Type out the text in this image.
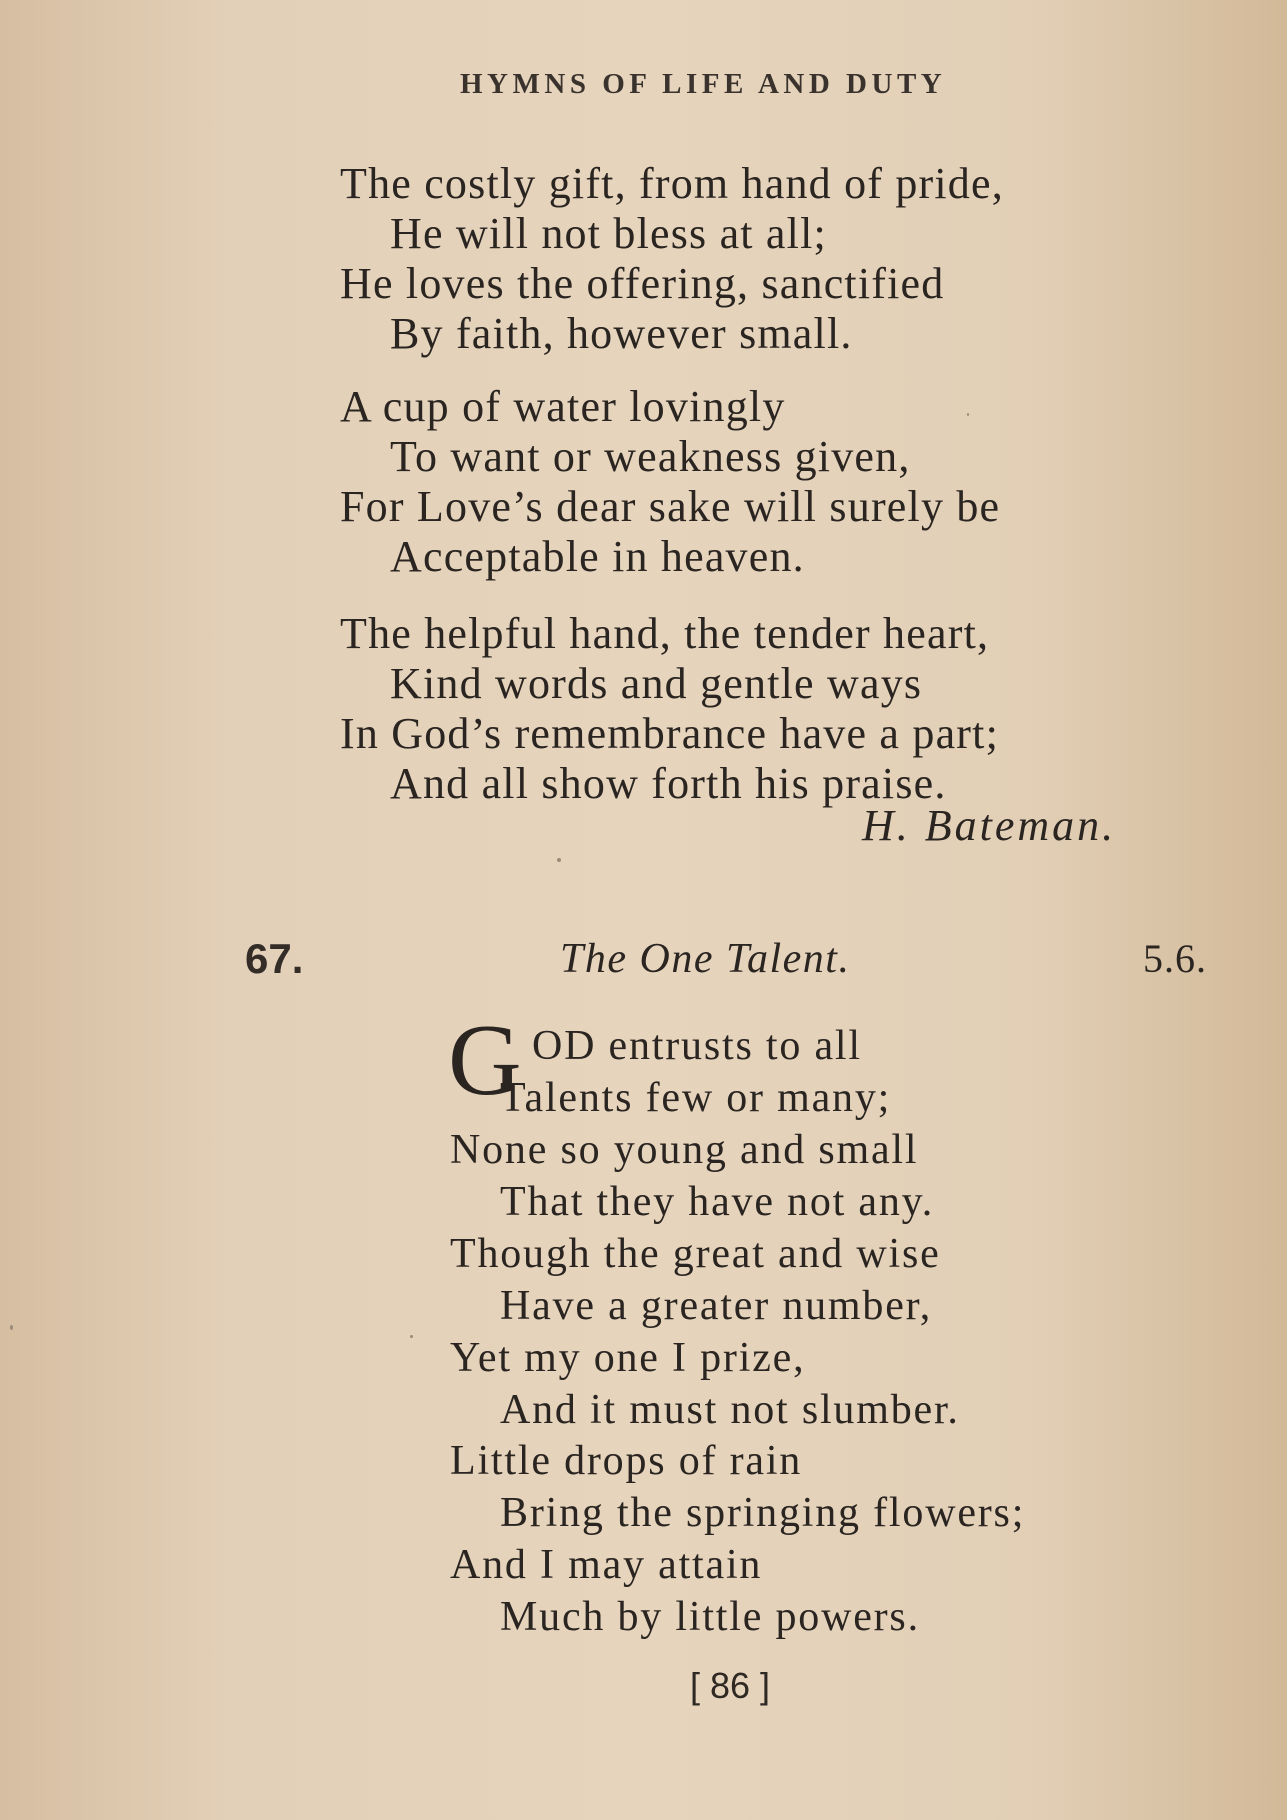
HYMNS OF LIFE AND DUTY
The costly gift, from hand of pride,
He will not bless at all;
He loves the offering, sanctified
By faith, however small.
A cup of water lovingly
To want or weakness given,
For Love’s dear sake will surely be
Acceptable in heaven.
The helpful hand, the tender heart,
Kind words and gentle ways
In God’s remembrance have a part;
And all show forth his praise.
H. Bateman.
67.	The One Talent.	5.6.
G OD entrusts to all
Talents few or many;
None so young and small
That they have not any.
Though the great and wise
Have a greater number,
Yet my one I prize,
And it must not slumber.
Little drops of rain
Bring the springing flowers;
And I may attain
Much by little powers.
[ 86 ]
